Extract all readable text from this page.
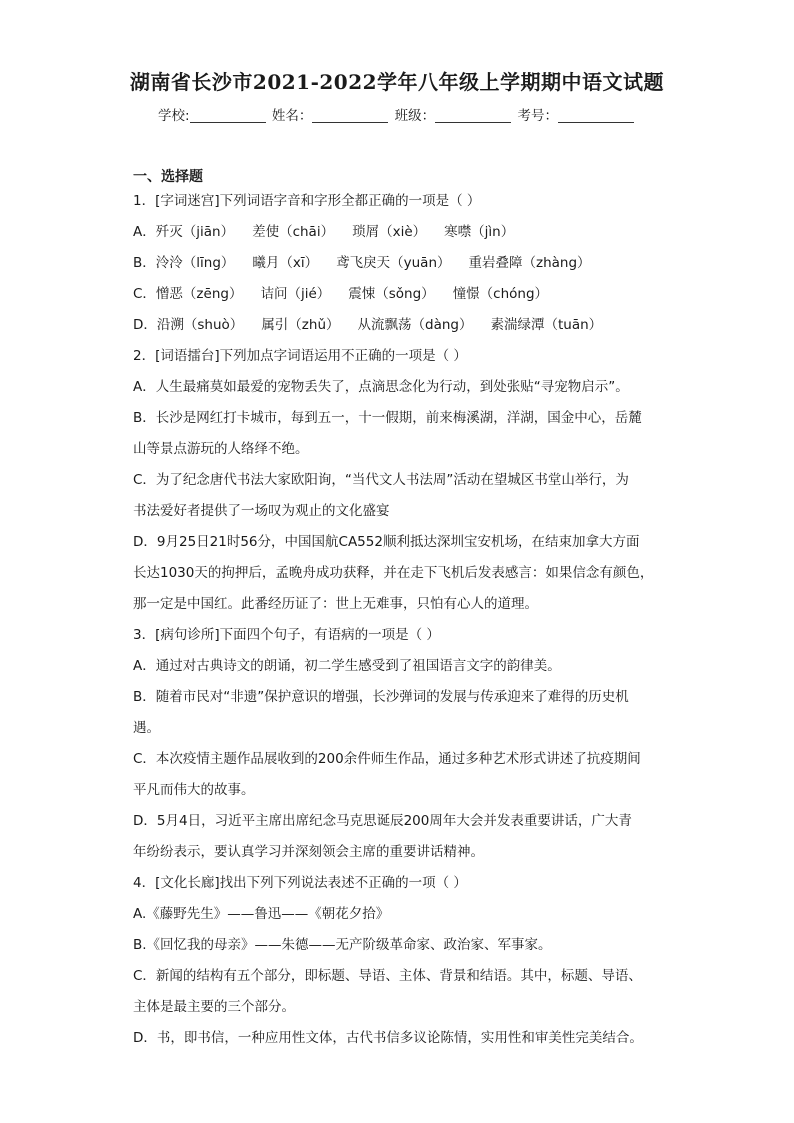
湖南省长沙市2021-2022学年八年级上学期期中语文试题
学校:	姓名：	班级：	考号：
一、选择题
1．[字词迷宫]下列词语字音和字形全都正确的一项是（ ）
A．歼灭（jiān） 差使（chāi） 琐屑（xiè） 寒噤（jìn）
B．泠泠（līng） 曦月（xī） 鸢飞戾天（yuān） 重岩叠障（zhàng）
C．憎恶（zēng） 诘问（jié） 震悚（sǒng） 憧憬（chóng）
D．沿溯（shuò） 属引（zhǔ） 从流飘荡（dàng） 素湍绿潭（tuān）
2．[词语擂台]下列加点字词语运用不正确的一项是（ ）
A．人生最痛莫如最爱的宠物丢失了，点滴思念化为行动，到处张贴“寻宠物启示”。
B．长沙是网红打卡城市，每到五一，十一假期，前来梅溪湖，洋湖，国金中心，岳麓
山等景点游玩的人络绎不绝。
C．为了纪念唐代书法大家欧阳询，“当代文人书法周”活动在望城区书堂山举行，为
书法爱好者提供了一场叹为观止的文化盛宴
D．9月25日21时56分，中国国航CA552顺利抵达深圳宝安机场，在结束加拿大方面
长达1030天的拘押后，孟晚舟成功获释，并在走下飞机后发表感言：如果信念有颜色，
那一定是中国红。此番经历证了：世上无难事，只怕有心人的道理。
3．[病句诊所]下面四个句子，有语病的一项是（ ）
A．通过对古典诗文的朗诵，初二学生感受到了祖国语言文字的韵律美。
B．随着市民对“非遗”保护意识的增强，长沙弹词的发展与传承迎来了难得的历史机
遇。
C．本次疫情主题作品展收到的200余件师生作品，通过多种艺术形式讲述了抗疫期间
平凡而伟大的故事。
D．5月4日，习近平主席出席纪念马克思诞辰200周年大会并发表重要讲话，广大青
年纷纷表示，要认真学习并深刻领会主席的重要讲话精神。
4．[文化长廊]找出下列下列说法表述不正确的一项（ ）
A.《藤野先生》——鲁迅——《朝花夕拾》
B.《回忆我的母亲》——朱德——无产阶级革命家、政治家、军事家。
C．新闻的结构有五个部分，即标题、导语、主体、背景和结语。其中，标题、导语、
主体是最主要的三个部分。
D．书，即书信，一种应用性文体，古代书信多议论陈情，实用性和审美性完美结合。
